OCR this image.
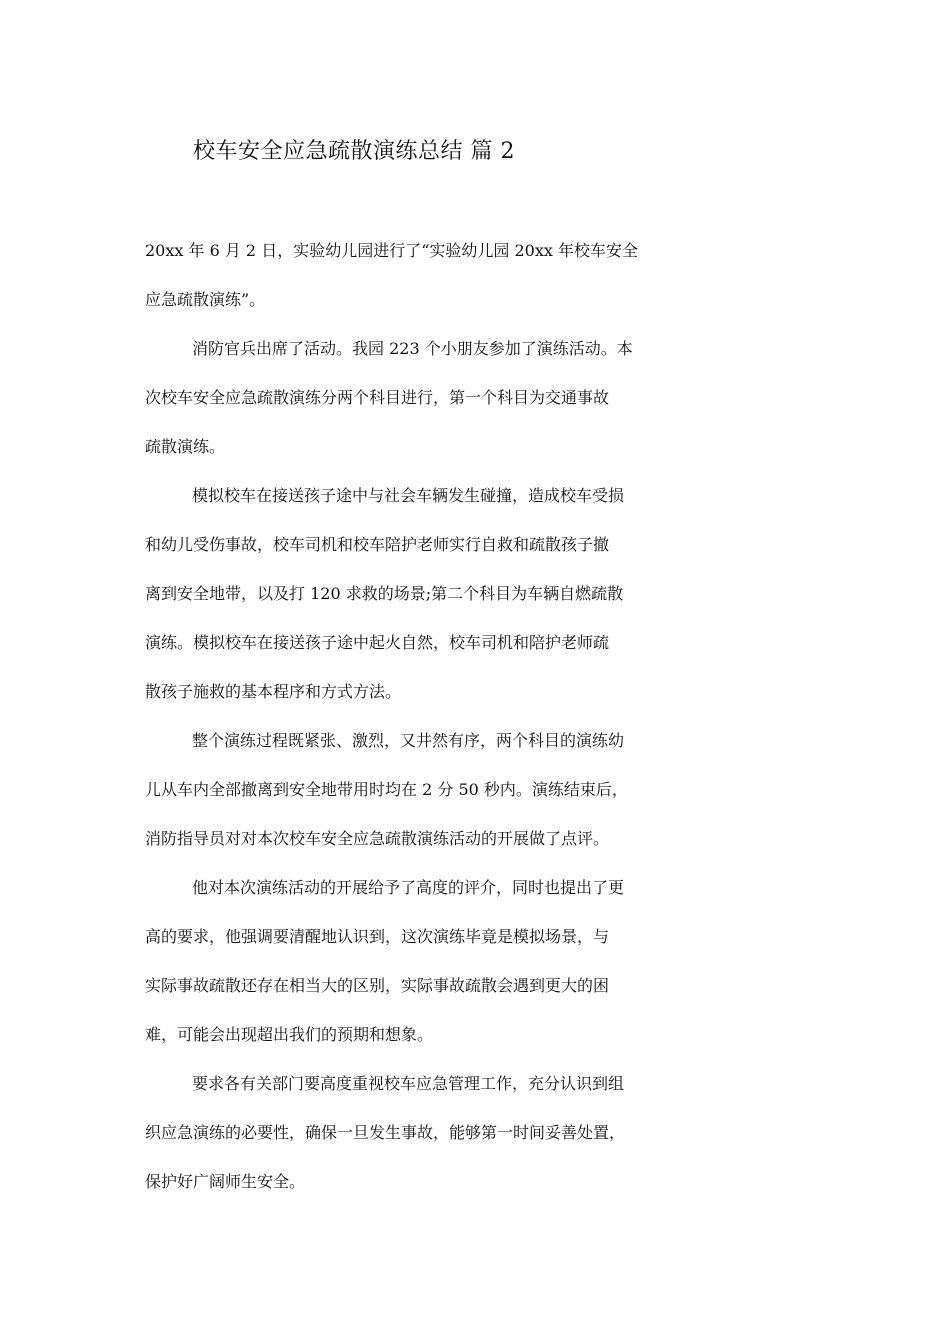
校车安全应急疏散演练总结 篇 2
20xx 年 6 月 2 日，实验幼儿园进行了“实验幼儿园 20xx 年校车安全
应急疏散演练”。
消防官兵出席了活动。我园 223 个小朋友参加了演练活动。本
次校车安全应急疏散演练分两个科目进行，第一个科目为交通事故
疏散演练。
模拟校车在接送孩子途中与社会车辆发生碰撞，造成校车受损
和幼儿受伤事故，校车司机和校车陪护老师实行自救和疏散孩子撤
离到安全地带，以及打 120 求救的场景;第二个科目为车辆自燃疏散
演练。模拟校车在接送孩子途中起火自然，校车司机和陪护老师疏
散孩子施救的基本程序和方式方法。
整个演练过程既紧张、激烈，又井然有序，两个科目的演练幼
儿从车内全部撤离到安全地带用时均在 2 分 50 秒内。演练结束后，
消防指导员对对本次校车安全应急疏散演练活动的开展做了点评。
他对本次演练活动的开展给予了高度的评介，同时也提出了更
高的要求，他强调要清醒地认识到，这次演练毕竟是模拟场景，与
实际事故疏散还存在相当大的区别，实际事故疏散会遇到更大的困
难，可能会出现超出我们的预期和想象。
要求各有关部门要高度重视校车应急管理工作，充分认识到组
织应急演练的必要性，确保一旦发生事故，能够第一时间妥善处置，
保护好广阔师生安全。
